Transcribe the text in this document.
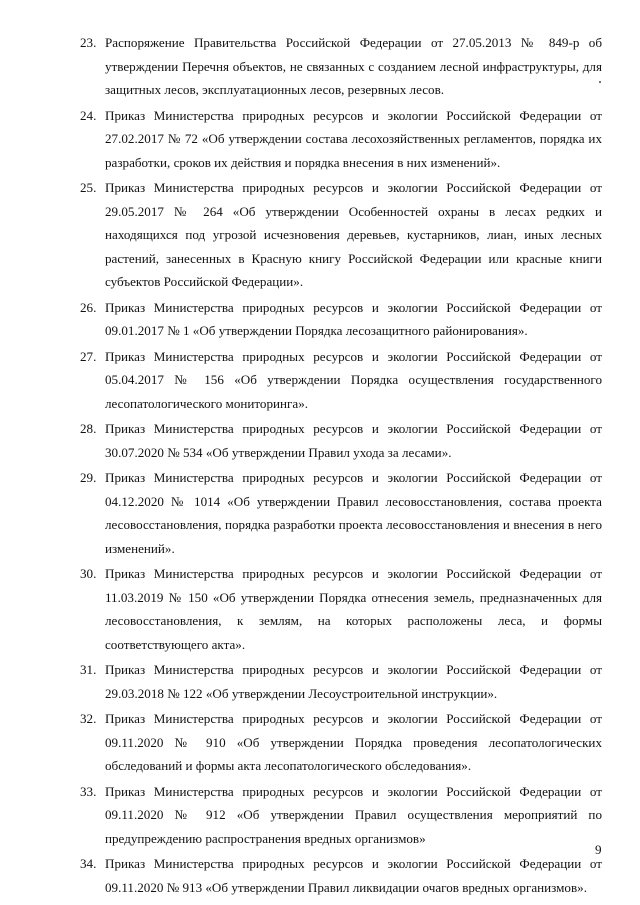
23. Распоряжение Правительства Российской Федерации от 27.05.2013 № 849-р об утверждении Перечня объектов, не связанных с созданием лесной инфраструктуры, для защитных лесов, эксплуатационных лесов, резервных лесов.
24. Приказ Министерства природных ресурсов и экологии Российской Федерации от 27.02.2017 № 72 «Об утверждении состава лесохозяйственных регламентов, порядка их разработки, сроков их действия и порядка внесения в них изменений».
25. Приказ Министерства природных ресурсов и экологии Российской Федерации от 29.05.2017 № 264 «Об утверждении Особенностей охраны в лесах редких и находящихся под угрозой исчезновения деревьев, кустарников, лиан, иных лесных растений, занесенных в Красную книгу Российской Федерации или красные книги субъектов Российской Федерации».
26. Приказ Министерства природных ресурсов и экологии Российской Федерации от 09.01.2017 № 1 «Об утверждении Порядка лесозащитного районирования».
27. Приказ Министерства природных ресурсов и экологии Российской Федерации от 05.04.2017 № 156 «Об утверждении Порядка осуществления государственного лесопатологического мониторинга».
28. Приказ Министерства природных ресурсов и экологии Российской Федерации от 30.07.2020 № 534 «Об утверждении Правил ухода за лесами».
29. Приказ Министерства природных ресурсов и экологии Российской Федерации от 04.12.2020 № 1014 «Об утверждении Правил лесовосстановления, состава проекта лесовосстановления, порядка разработки проекта лесовосстановления и внесения в него изменений».
30. Приказ Министерства природных ресурсов и экологии Российской Федерации от 11.03.2019 № 150 «Об утверждении Порядка отнесения земель, предназначенных для лесовосстановления, к землям, на которых расположены леса, и формы соответствующего акта».
31. Приказ Министерства природных ресурсов и экологии Российской Федерации от 29.03.2018 № 122 «Об утверждении Лесоустроительной инструкции».
32. Приказ Министерства природных ресурсов и экологии Российской Федерации от 09.11.2020 № 910 «Об утверждении Порядка проведения лесопатологических обследований и формы акта лесопатологического обследования».
33. Приказ Министерства природных ресурсов и экологии Российской Федерации от 09.11.2020 № 912 «Об утверждении Правил осуществления мероприятий по предупреждению распространения вредных организмов»
34. Приказ Министерства природных ресурсов и экологии Российской Федерации от 09.11.2020 № 913 «Об утверждении Правил ликвидации очагов вредных организмов».
9
